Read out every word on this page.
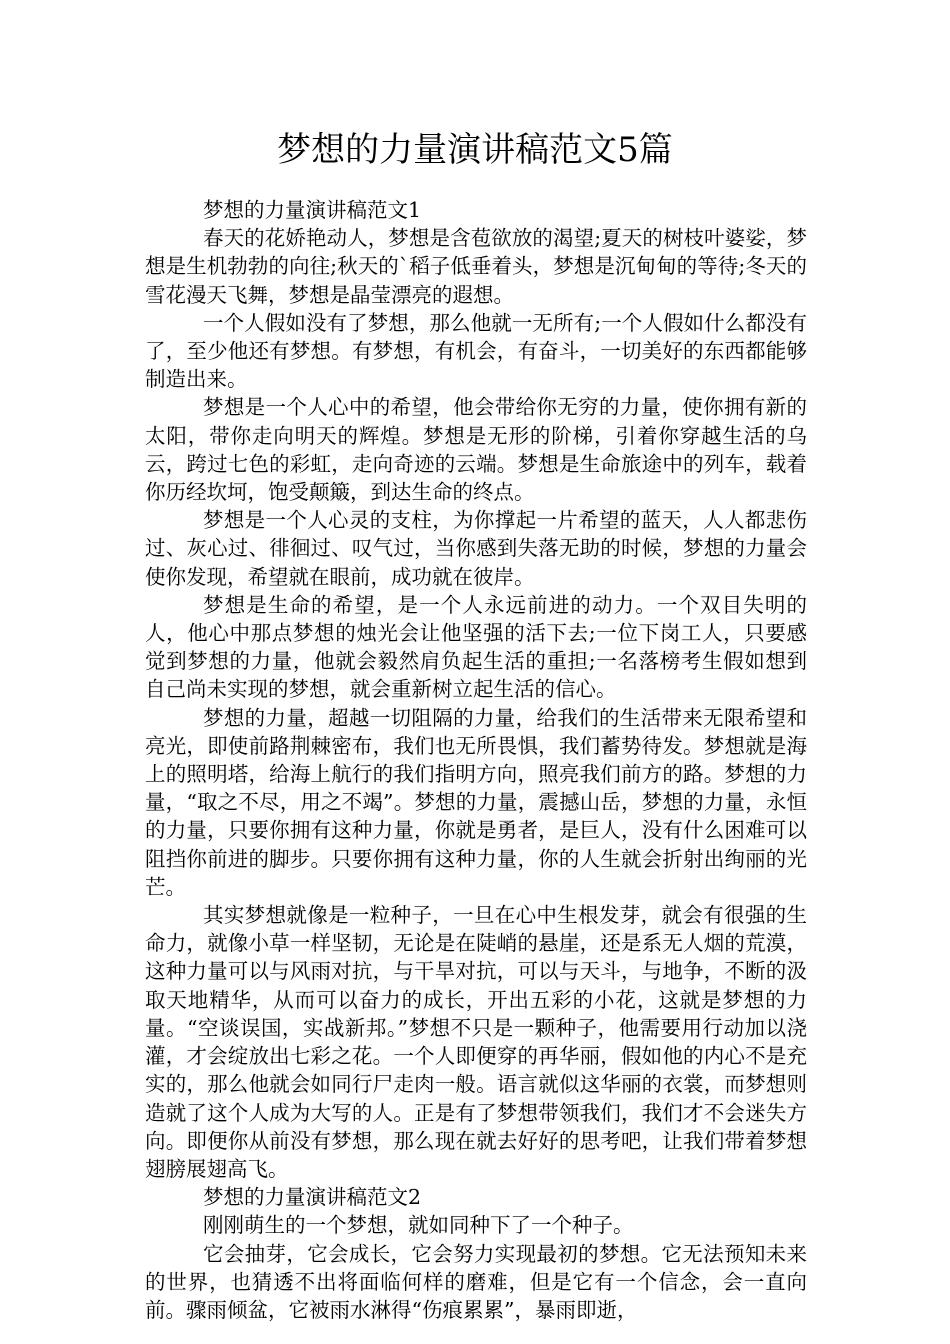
梦想的力量演讲稿范文5篇

梦想的力量演讲稿范文1

春天的花娇艳动人，梦想是含苞欲放的渴望;夏天的树枝叶婆娑，梦想是生机勃勃的向往;秋天的`稻子低垂着头，梦想是沉甸甸的等待;冬天的雪花漫天飞舞，梦想是晶莹漂亮的遐想。

一个人假如没有了梦想，那么他就一无所有;一个人假如什么都没有了，至少他还有梦想。有梦想，有机会，有奋斗，一切美好的东西都能够制造出来。

梦想是一个人心中的希望，他会带给你无穷的力量，使你拥有新的太阳，带你走向明天的辉煌。梦想是无形的阶梯，引着你穿越生活的乌云，跨过七色的彩虹，走向奇迹的云端。梦想是生命旅途中的列车，载着你历经坎坷，饱受颠簸，到达生命的终点。

梦想是一个人心灵的支柱，为你撑起一片希望的蓝天，人人都悲伤过、灰心过、徘徊过、叹气过，当你感到失落无助的时候，梦想的力量会使你发现，希望就在眼前，成功就在彼岸。

梦想是生命的希望，是一个人永远前进的动力。一个双目失明的人，他心中那点梦想的烛光会让他坚强的活下去;一位下岗工人，只要感觉到梦想的力量，他就会毅然肩负起生活的重担;一名落榜考生假如想到自己尚未实现的梦想，就会重新树立起生活的信心。

梦想的力量，超越一切阻隔的力量，给我们的生活带来无限希望和亮光，即使前路荆棘密布，我们也无所畏惧，我们蓄势待发。梦想就是海上的照明塔，给海上航行的我们指明方向，照亮我们前方的路。梦想的力量，“取之不尽，用之不竭”。梦想的力量，震撼山岳，梦想的力量，永恒的力量，只要你拥有这种力量，你就是勇者，是巨人，没有什么困难可以阻挡你前进的脚步。只要你拥有这种力量，你的人生就会折射出绚丽的光芒。

其实梦想就像是一粒种子，一旦在心中生根发芽，就会有很强的生命力，就像小草一样坚韧，无论是在陡峭的悬崖，还是系无人烟的荒漠，这种力量可以与风雨对抗，与干旱对抗，可以与天斗，与地争，不断的汲取天地精华，从而可以奋力的成长，开出五彩的小花，这就是梦想的力量。“空谈误国，实战新邦。”梦想不只是一颗种子，他需要用行动加以浇灌，才会绽放出七彩之花。一个人即便穿的再华丽，假如他的内心不是充实的，那么他就会如同行尸走肉一般。语言就似这华丽的衣裳，而梦想则造就了这个人成为大写的人。正是有了梦想带领我们，我们才不会迷失方向。即便你从前没有梦想，那么现在就去好好的思考吧，让我们带着梦想翅膀展翅高飞。

梦想的力量演讲稿范文2

刚刚萌生的一个梦想，就如同种下了一个种子。

它会抽芽，它会成长，它会努力实现最初的梦想。它无法预知未来的世界，也猜透不出将面临何样的磨难，但是它有一个信念，会一直向前。骤雨倾盆，它被雨水淋得“伤痕累累”，暴雨即逝，
